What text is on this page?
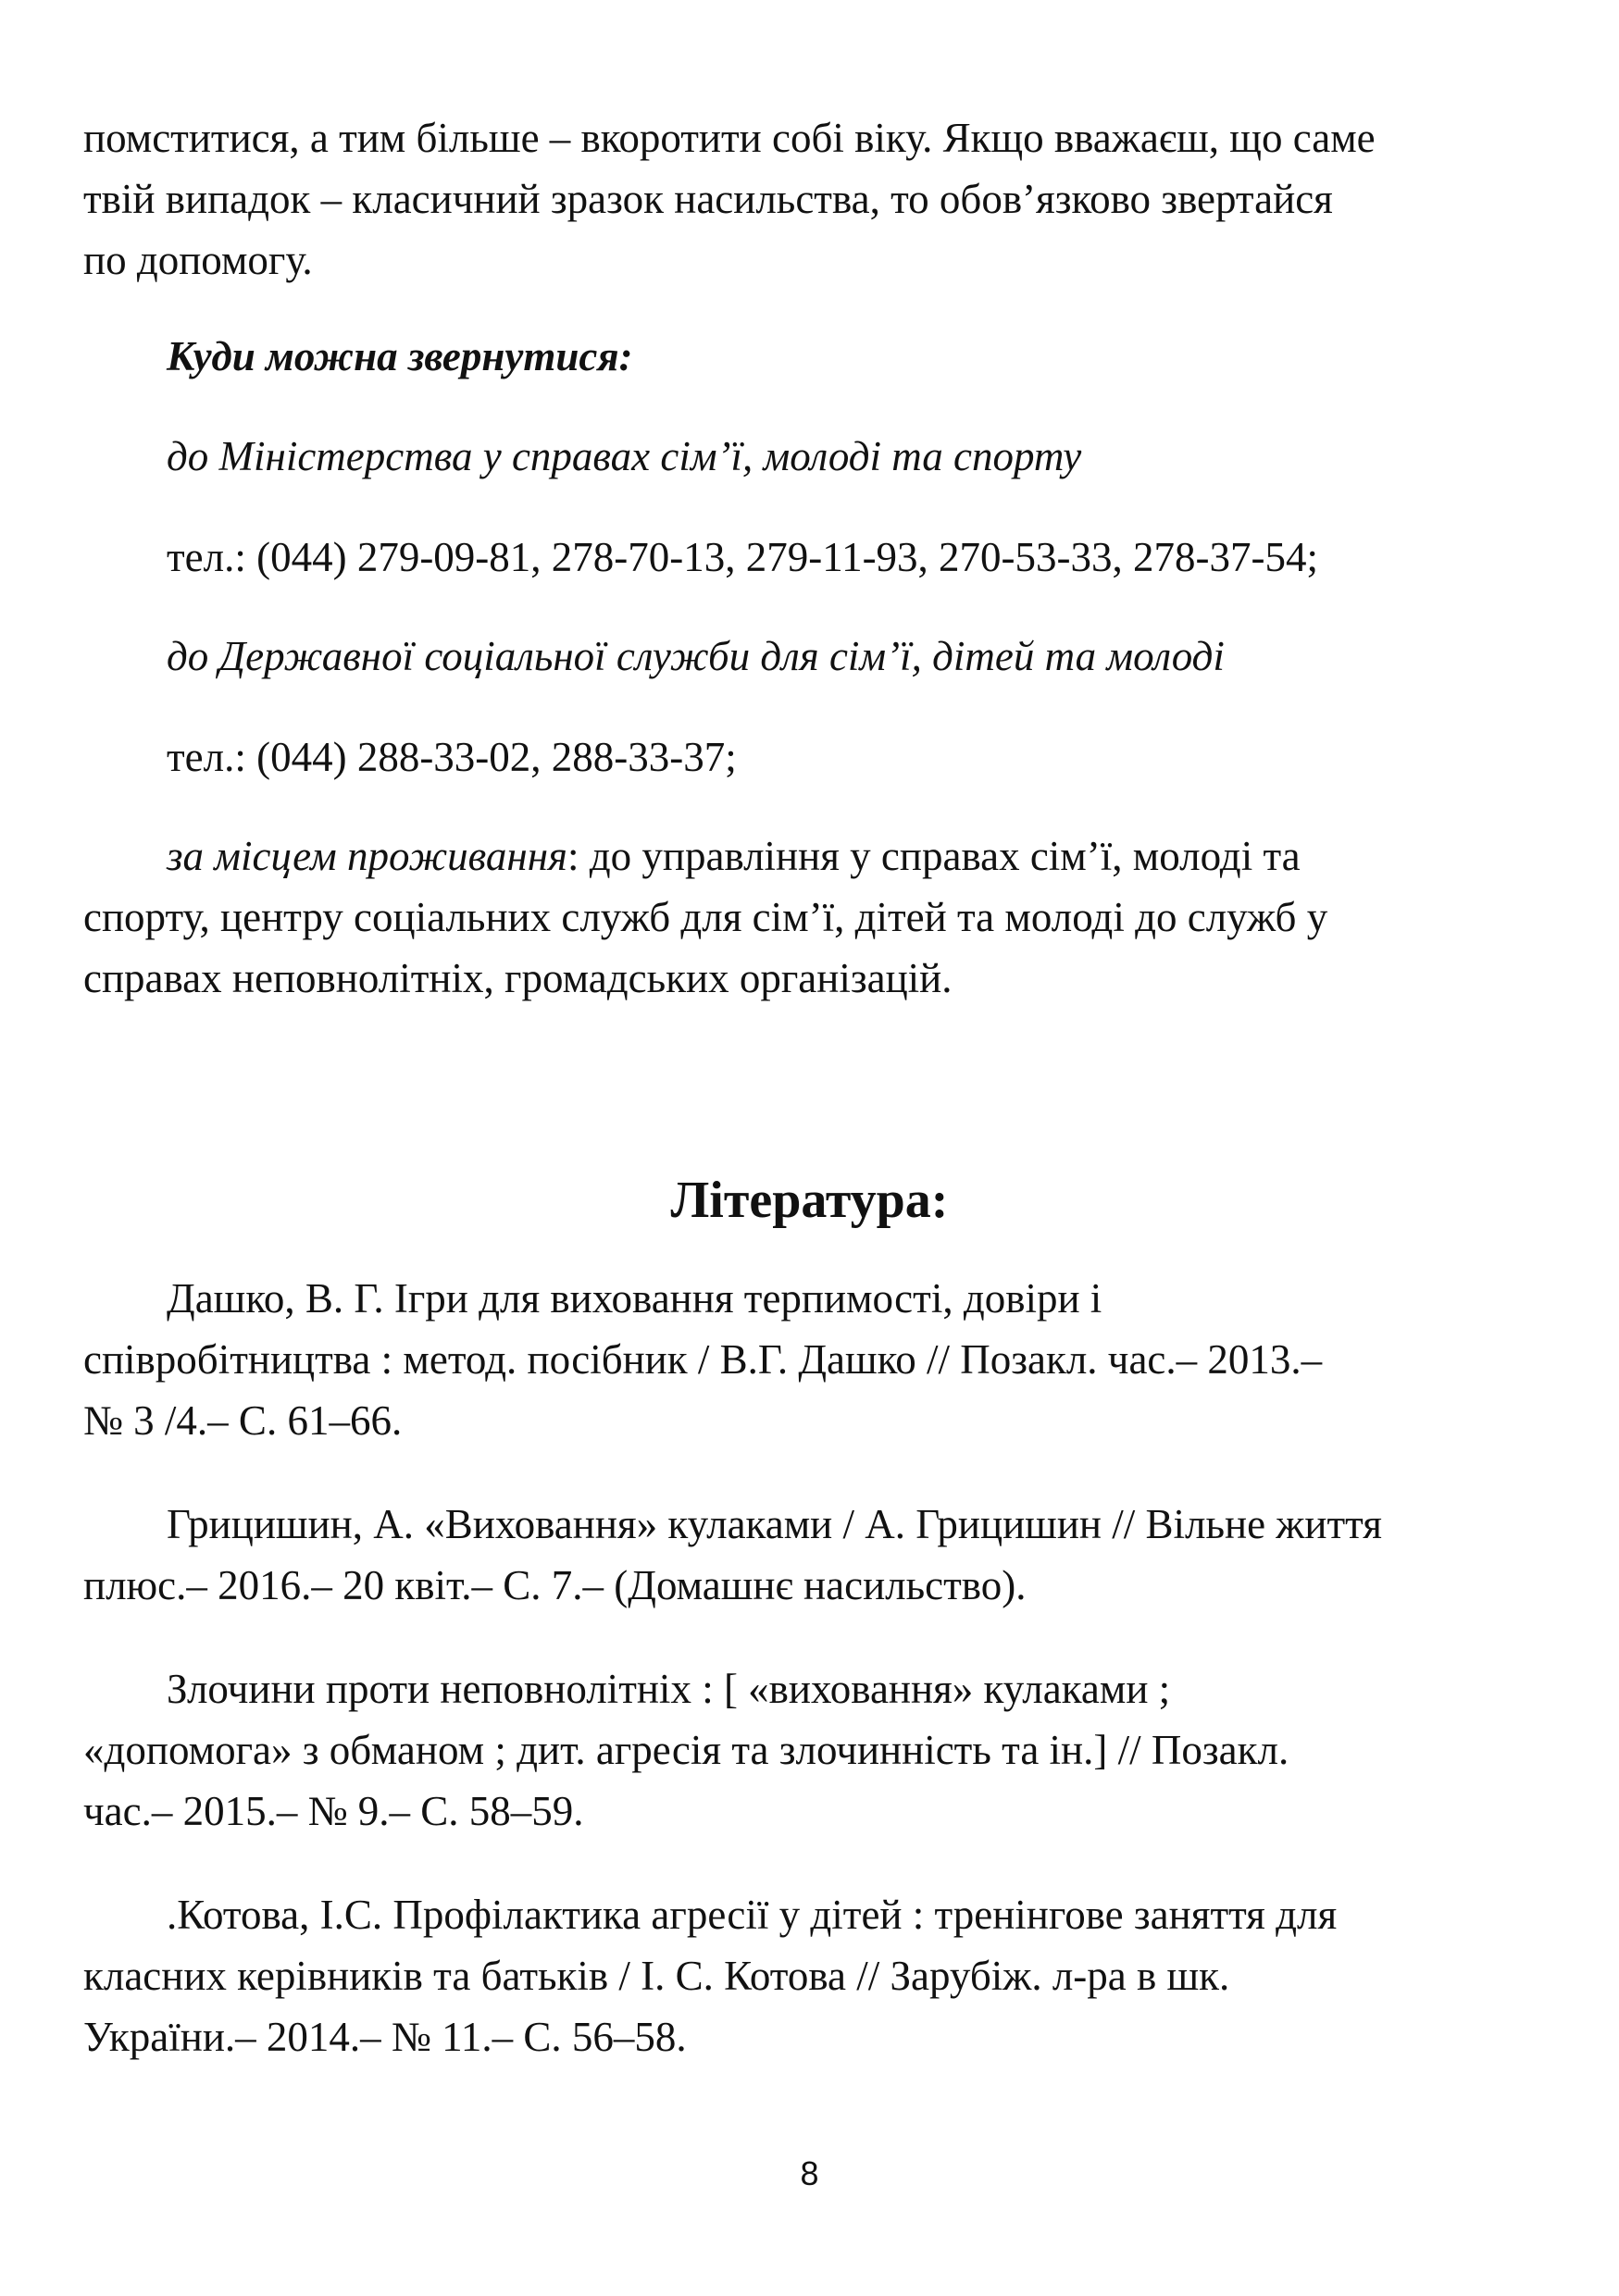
помститися, а тим більше – вкоротити собі віку. Якщо вважаєш, що саме
твій випадок – класичний зразок насильства, то обов’язково звертайся
по допомогу.

Куди можна звернутися:

до Міністерства у справах сім’ї, молоді та спорту

тел.: (044) 279-09-81, 278-70-13, 279-11-93, 270-53-33, 278-37-54;

до Державної соціальної служби для сім’ї, дітей та молоді

тел.: (044) 288-33-02, 288-33-37;

за місцем проживання: до управління у справах сім’ї, молоді та
спорту, центру соціальних служб для сім’ї, дітей та молоді до служб у
справах неповнолітніх, громадських організацій.

Література:

Дашко, В. Г. Ігри для виховання терпимості, довіри і
співробітництва : метод. посібник / В.Г. Дашко // Позакл. час.– 2013.–
№ 3 /4.– С. 61–66.

Грицишин, А. «Виховання» кулаками / А. Грицишин // Вільне життя
плюс.– 2016.– 20 квіт.– С. 7.– (Домашнє насильство).

Злочини проти неповнолітніх : [ «виховання» кулаками ;
«допомога» з обманом ; дит. агресія та злочинність та ін.] // Позакл.
час.– 2015.– № 9.– С. 58–59.

.Котова, І.С. Профілактика агресії у дітей : тренінгове заняття для
класних керівників та батьків / І. С. Котова // Зарубіж. л-ра в шк.
України.– 2014.– № 11.– С. 56–58.

8
